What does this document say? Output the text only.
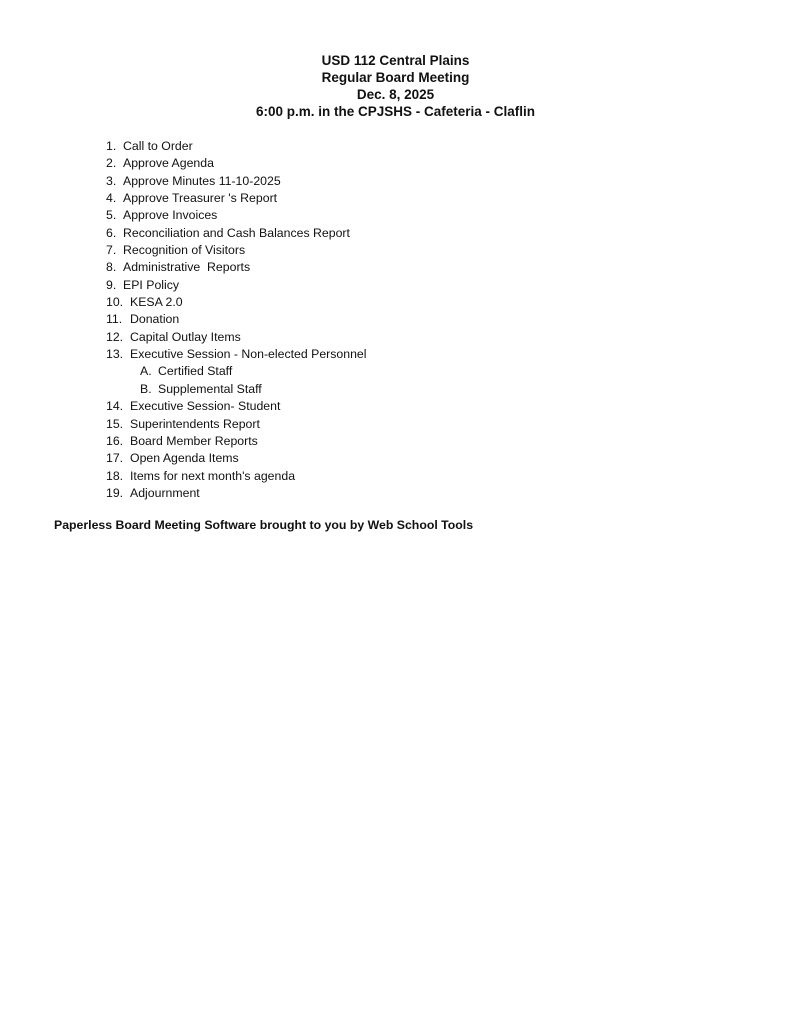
USD 112 Central Plains
Regular Board Meeting
Dec. 8, 2025
6:00 p.m. in the CPJSHS - Cafeteria - Claflin
1. Call to Order
2. Approve Agenda
3. Approve Minutes 11-10-2025
4. Approve Treasurer 's Report
5. Approve Invoices
6. Reconciliation and Cash Balances Report
7. Recognition of Visitors
8. Administrative  Reports
9. EPI Policy
10. KESA 2.0
11. Donation
12. Capital Outlay Items
13. Executive Session - Non-elected Personnel
A. Certified Staff
B. Supplemental Staff
14. Executive Session- Student
15. Superintendents Report
16. Board Member Reports
17. Open Agenda Items
18. Items for next month's agenda
19. Adjournment
Paperless Board Meeting Software brought to you by Web School Tools
